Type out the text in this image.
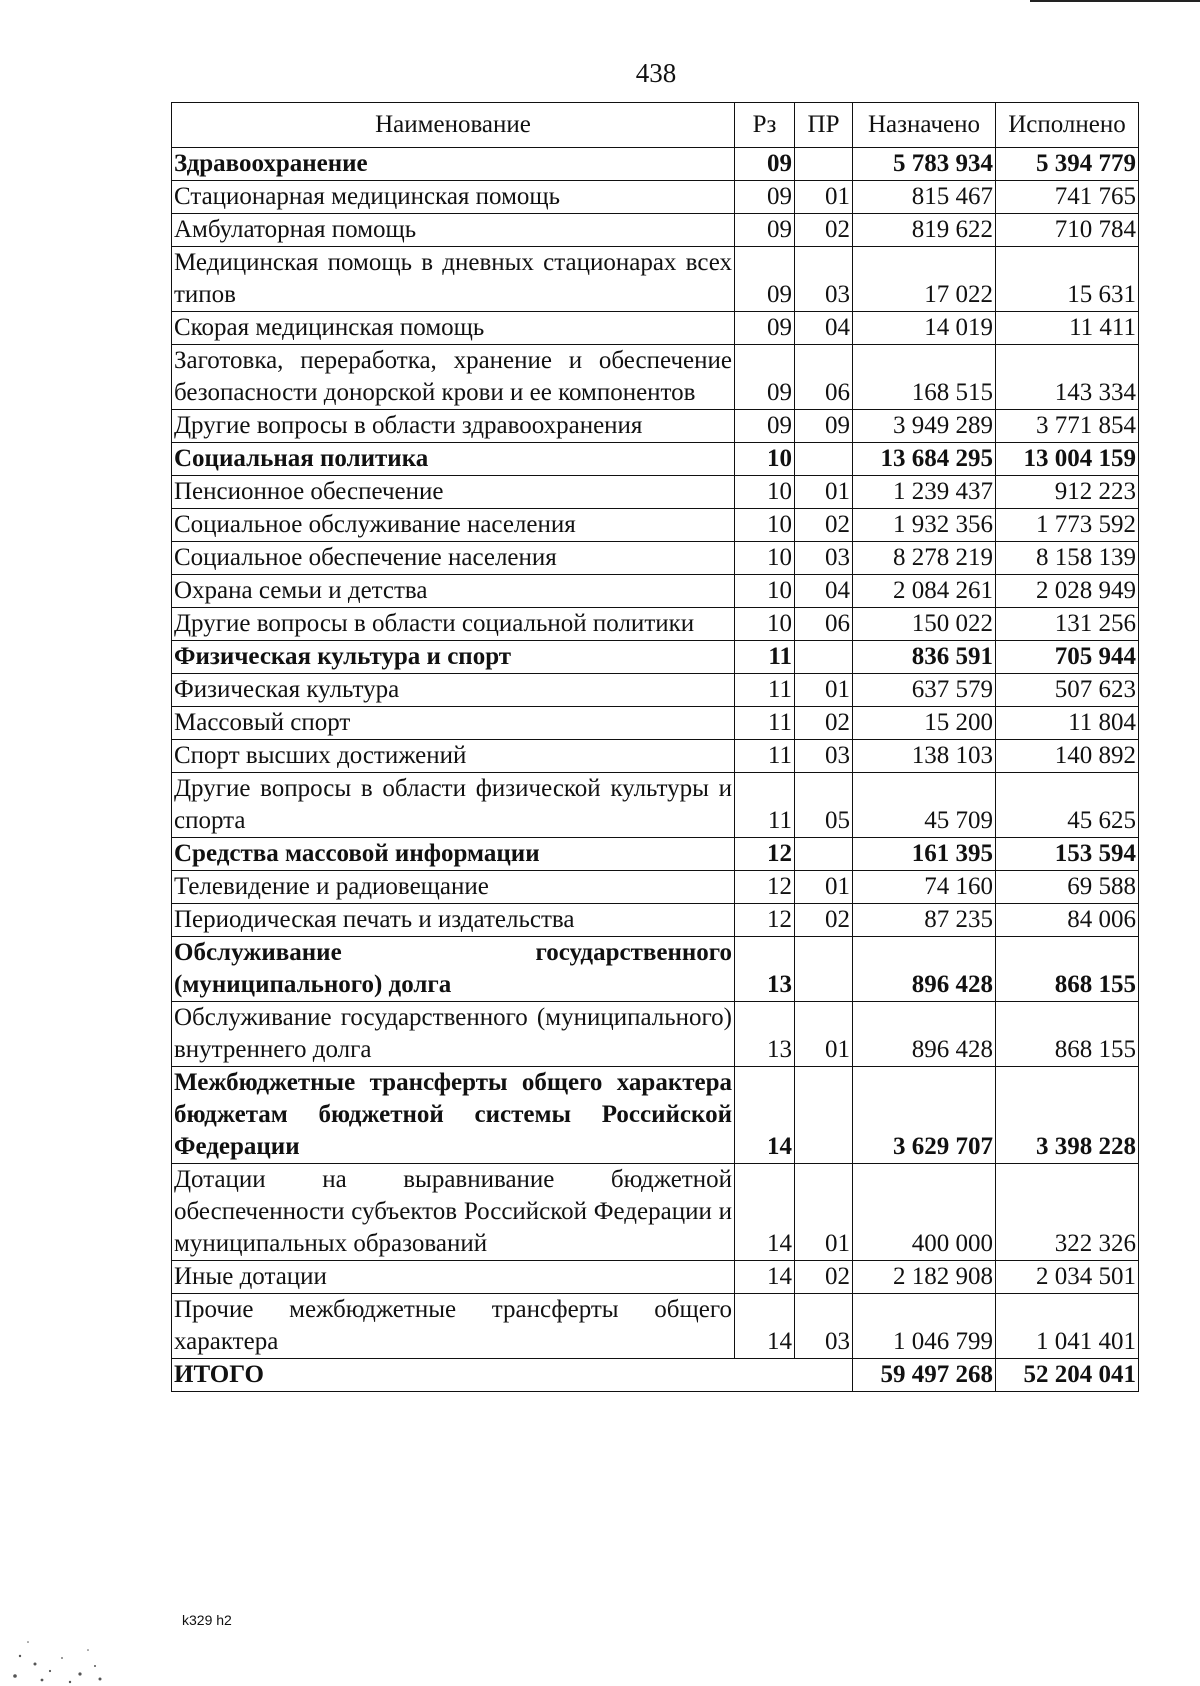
438
Наименование	Рз	ПР	Назначено	Исполнено
Здравоохранение	09		5 783 934	5 394 779
Стационарная медицинская помощь	09	01	815 467	741 765
Амбулаторная помощь	09	02	819 622	710 784
Медицинская помощь в дневных стационарах всех типов	09	03	17 022	15 631
Скорая медицинская помощь	09	04	14 019	11 411
Заготовка, переработка, хранение и обеспечение безопасности донорской крови и ее компонентов	09	06	168 515	143 334
Другие вопросы в области здравоохранения	09	09	3 949 289	3 771 854
Социальная политика	10		13 684 295	13 004 159
Пенсионное обеспечение	10	01	1 239 437	912 223
Социальное обслуживание населения	10	02	1 932 356	1 773 592
Социальное обеспечение населения	10	03	8 278 219	8 158 139
Охрана семьи и детства	10	04	2 084 261	2 028 949
Другие вопросы в области социальной политики	10	06	150 022	131 256
Физическая культура и спорт	11		836 591	705 944
Физическая культура	11	01	637 579	507 623
Массовый спорт	11	02	15 200	11 804
Спорт высших достижений	11	03	138 103	140 892
Другие вопросы в области физической культуры и спорта	11	05	45 709	45 625
Средства массовой информации	12		161 395	153 594
Телевидение и радиовещание	12	01	74 160	69 588
Периодическая печать и издательства	12	02	87 235	84 006
Обслуживание государственного (муниципального) долга	13		896 428	868 155
Обслуживание государственного (муниципального) внутреннего долга	13	01	896 428	868 155
Межбюджетные трансферты общего характера бюджетам бюджетной системы Российской Федерации	14		3 629 707	3 398 228
Дотации на выравнивание бюджетной обеспеченности субъектов Российской Федерации и муниципальных образований	14	01	400 000	322 326
Иные дотации	14	02	2 182 908	2 034 501
Прочие межбюджетные трансферты общего характера	14	03	1 046 799	1 041 401
ИТОГО			59 497 268	52 204 041
k329 h2
